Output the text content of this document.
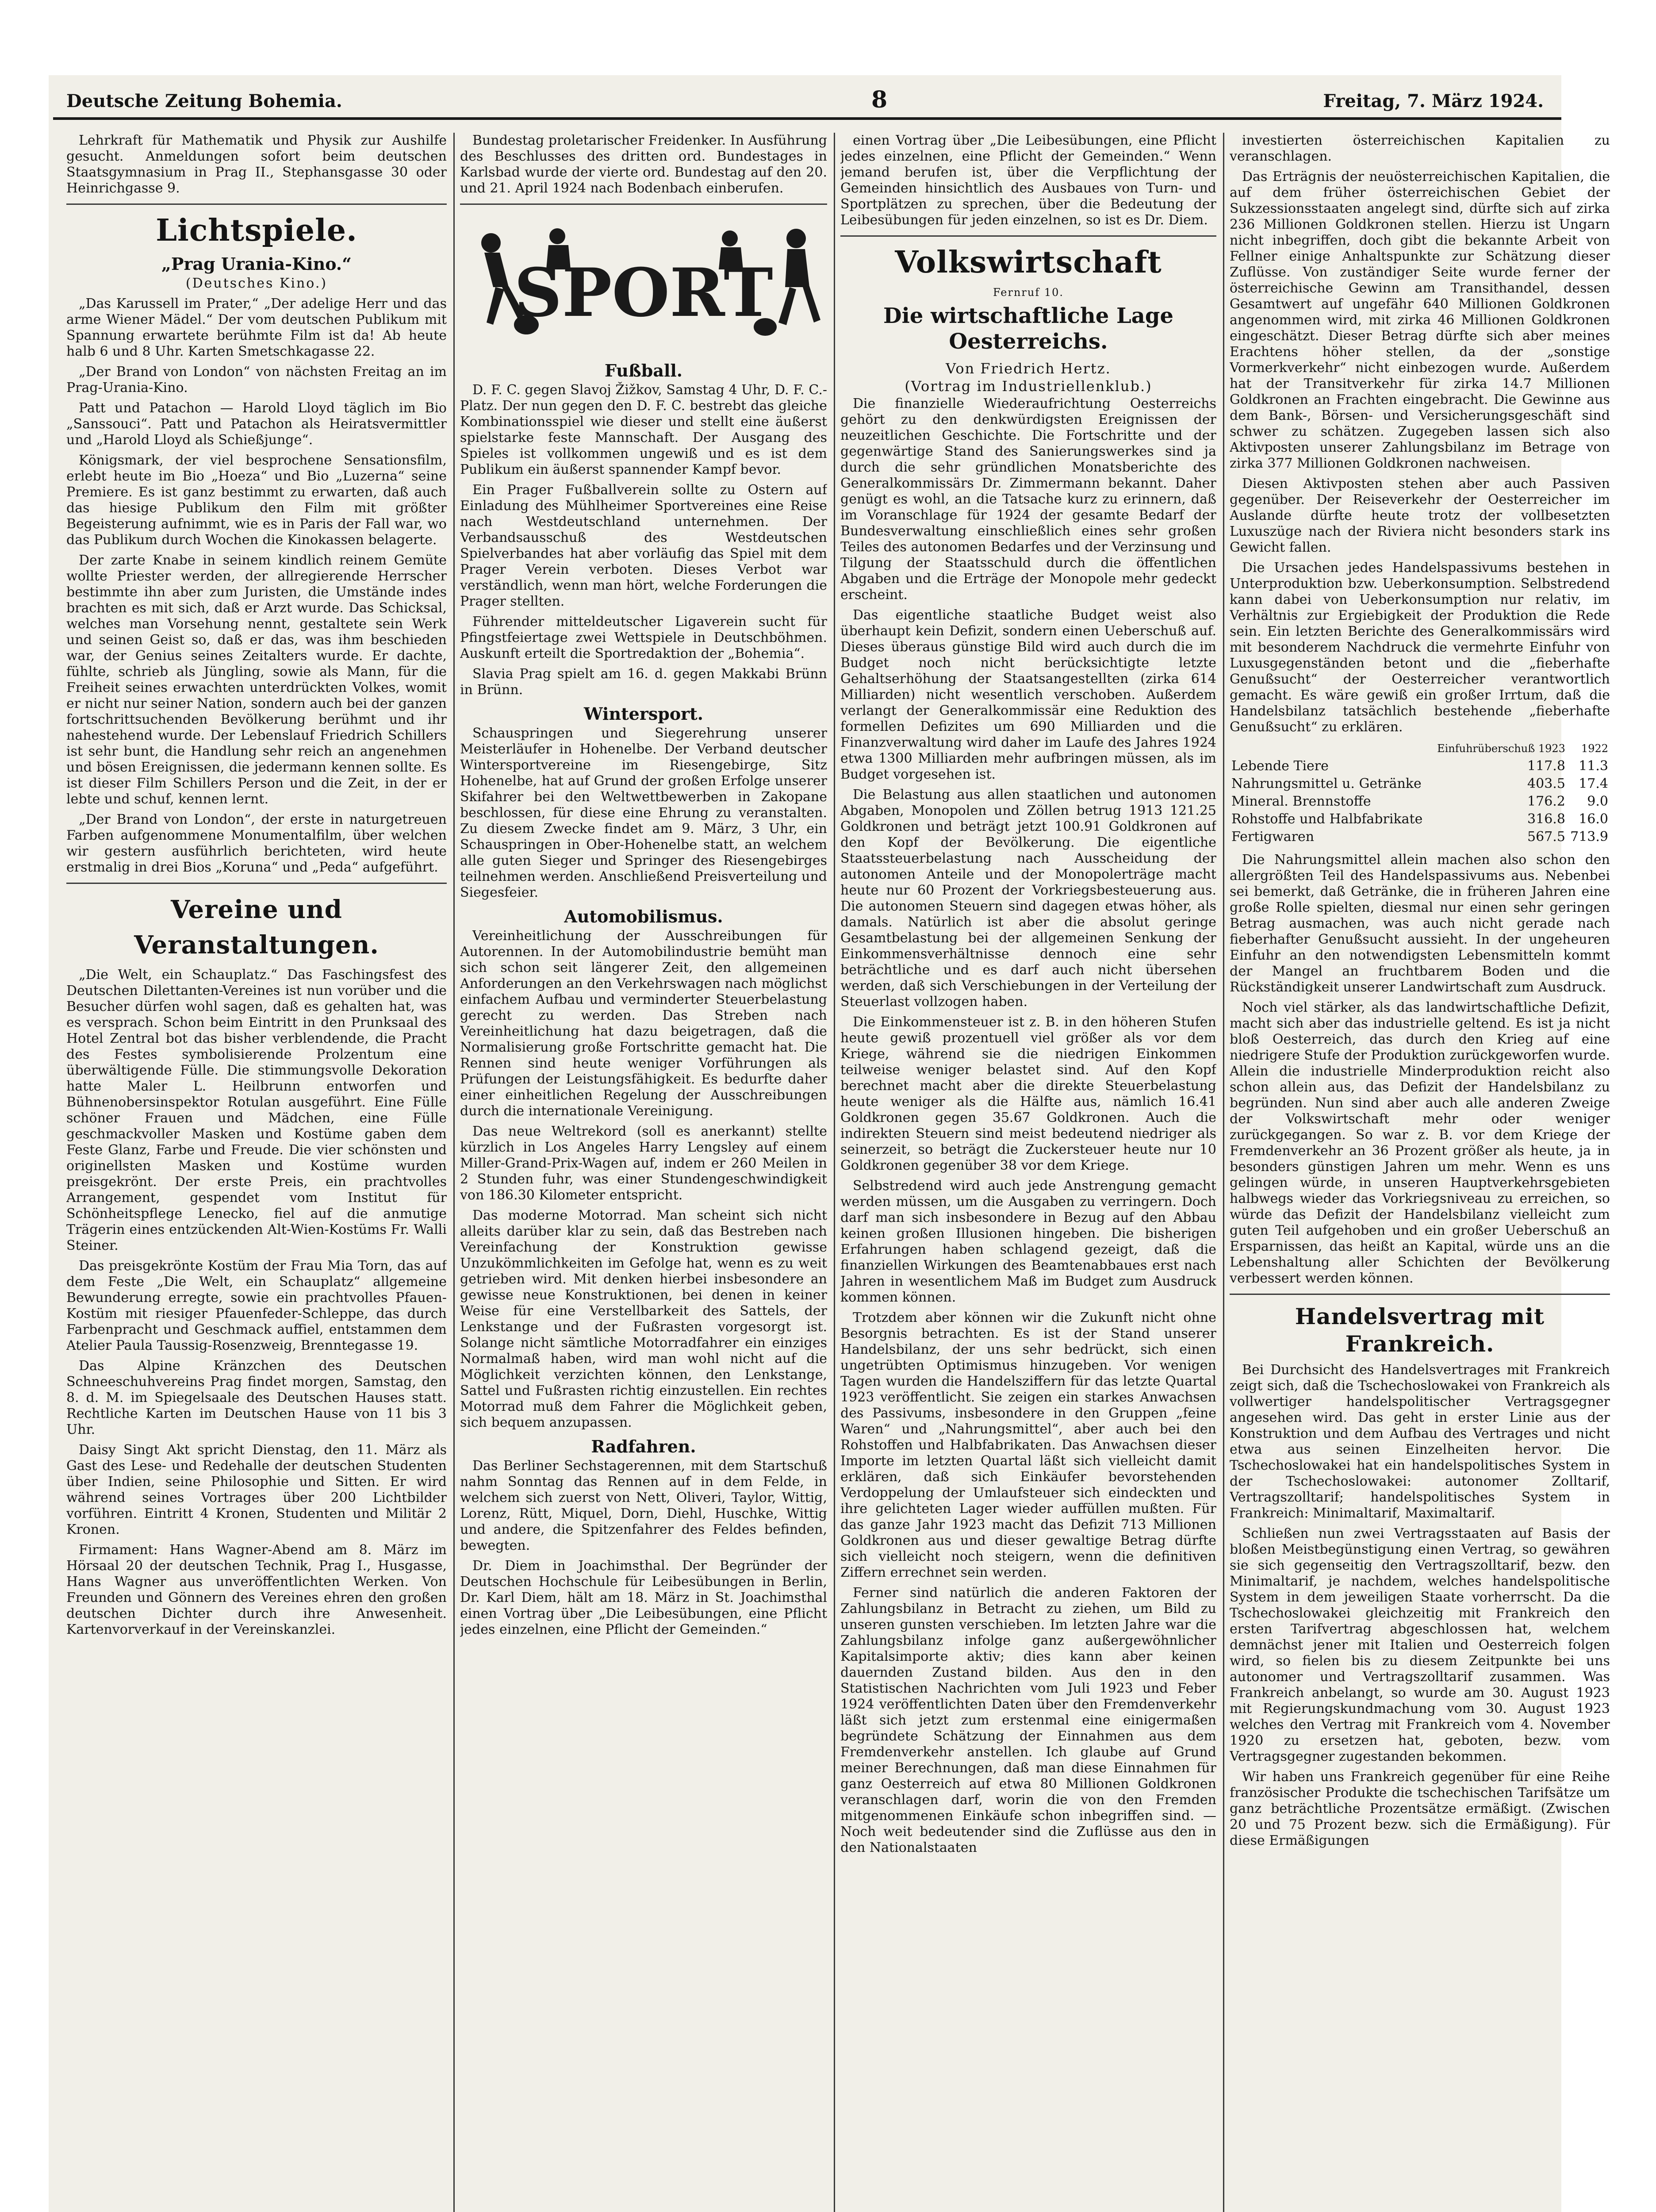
Deutsche Zeitung Bohemia.	8	Freitag, 7. März 1924.

Lehrkraft für Mathematik und Physik zur Aushilfe gesucht. Anmeldungen sofort beim deutschen Staatsgymnasium in Prag II., Stephansgasse 30 oder Heinrichgasse 9.

Lichtspiele.
„Prag Urania-Kino.“
(Deutsches Kino.)

„Das Karussell im Prater,“ „Der adelige Herr und das arme Wiener Mädel.“ Der vom deutschen Publikum mit Spannung erwartete berühmte Film ist da! Ab heute halb 6 und 8 Uhr. Karten Smetschkagasse 22.

„Der Brand von London“ von nächsten Freitag an im Prag-Urania-Kino.

Patt und Patachon — Harold Lloyd täglich im Bio „Sanssouci“. Patt und Patachon als Heiratsvermittler und „Harold Lloyd als Schießjunge“.

Königsmark, der viel besprochene Sensationsfilm, erlebt heute im Bio „Hoeza“ und Bio „Luzerna“ seine Premiere. Es ist ganz bestimmt zu erwarten, daß auch das hiesige Publikum den Film mit größter Begeisterung aufnimmt, wie es in Paris der Fall war, wo das Publikum durch Wochen die Kinokassen belagerte.

Der zarte Knabe in seinem kindlich reinem Gemüte wollte Priester werden, der allregierende Herrscher bestimmte ihn aber zum Juristen, die Umstände indes brachten es mit sich, daß er Arzt wurde. Das Schicksal, welches man Vorsehung nennt, gestaltete sein Werk und seinen Geist so, daß er das, was ihm beschieden war, der Genius seines Zeitalters wurde. Er dachte, fühlte, schrieb als Jüngling, sowie als Mann, für die Freiheit seines erwachten unterdrückten Volkes, womit er nicht nur seiner Nation, sondern auch bei der ganzen fortschrittsuchenden Bevölkerung berühmt und ihr nahestehend wurde. Der Lebenslauf Friedrich Schillers ist sehr bunt, die Handlung sehr reich an angenehmen und bösen Ereignissen, die jedermann kennen sollte. Es ist dieser Film Schillers Person und die Zeit, in der er lebte und schuf, kennen lernt.

„Der Brand von London“, der erste in naturgetreuen Farben aufgenommene Monumentalfilm, über welchen wir gestern ausführlich berichteten, wird heute erstmalig in drei Bios „Koruna“ und „Peda“ aufgeführt.

Vereine und Veranstaltungen.

„Die Welt, ein Schauplatz.“ Das Faschingsfest des Deutschen Dilettanten-Vereines ist nun vorüber und die Besucher dürfen wohl sagen, daß es gehalten hat, was es versprach. Schon beim Eintritt in den Prunksaal des Hotel Zentral bot das bisher verblendende, die Pracht des Festes symbolisierende Prolzentum eine überwältigende Fülle. Die stimmungsvolle Dekoration hatte Maler L. Heilbrunn entworfen und Bühnenobersinspektor Rotulan ausgeführt. Eine Fülle schöner Frauen und Mädchen, eine Fülle geschmackvoller Masken und Kostüme gaben dem Feste Glanz, Farbe und Freude. Die vier schönsten und originellsten Masken und Kostüme wurden preisgekrönt. Der erste Preis, ein prachtvolles Arrangement, gespendet vom Institut für Schönheitspflege Lenecko, fiel auf die anmutige Trägerin eines entzückenden Alt-Wien-Kostüms Fr. Walli Steiner.

Das preisgekrönte Kostüm der Frau Mia Torn, das auf dem Feste „Die Welt, ein Schauplatz“ allgemeine Bewunderung erregte, sowie ein prachtvolles Pfauen-Kostüm mit riesiger Pfauenfeder-Schleppe, das durch Farbenpracht und Geschmack auffiel, entstammen dem Atelier Paula Taussig-Rosenzweig, Brenntegasse 19.

Das Alpine Kränzchen des Deutschen Schneeschuhvereins Prag findet morgen, Samstag, den 8. d. M. im Spiegelsaale des Deutschen Hauses statt. Rechtliche Karten im Deutschen Hause von 11 bis 3 Uhr.

Daisy Singt Akt spricht Dienstag, den 11. März als Gast des Lese- und Redehalle der deutschen Studenten über Indien, seine Philosophie und Sitten. Er wird während seines Vortrages über 200 Lichtbilder vorführen. Eintritt 4 Kronen, Studenten und Militär 2 Kronen.

Firmament: Hans Wagner-Abend am 8. März im Hörsaal 20 der deutschen Technik, Prag I., Husgasse, Hans Wagner aus unveröffentlichten Werken. Von Freunden und Gönnern des Vereines ehren den großen deutschen Dichter durch ihre Anwesenheit. Kartenvorverkauf in der Vereinskanzlei.

Bundestag proletarischer Freidenker. In Ausführung des Beschlusses des dritten ord. Bundestages in Karlsbad wurde der vierte ord. Bundestag auf den 20. und 21. April 1924 nach Bodenbach einberufen.

SPORT
Fußball.

D. F. C. gegen Slavoj Žižkov, Samstag 4 Uhr, D. F. C.-Platz. Der nun gegen den D. F. C. bestrebt das gleiche Kombinationsspiel wie dieser und stellt eine äußerst spielstarke feste Mannschaft. Der Ausgang des Spieles ist vollkommen ungewiß und es ist dem Publikum ein äußerst spannender Kampf bevor.

Ein Prager Fußballverein sollte zu Ostern auf Einladung des Mühlheimer Sportvereines eine Reise nach Westdeutschland unternehmen. Der Verbandsausschuß des Westdeutschen Spielverbandes hat aber vorläufig das Spiel mit dem Prager Verein verboten. Dieses Verbot war verständlich, wenn man hört, welche Forderungen die Prager stellten.

Führender mitteldeutscher Ligaverein sucht für Pfingstfeiertage zwei Wettspiele in Deutschböhmen. Auskunft erteilt die Sportredaktion der „Bohemia“.

Slavia Prag spielt am 16. d. gegen Makkabi Brünn in Brünn.

Wintersport.

Schauspringen und Siegerehrung unserer Meisterläufer in Hohenelbe. Der Verband deutscher Wintersportvereine im Riesengebirge, Sitz Hohenelbe, hat auf Grund der großen Erfolge unserer Skifahrer bei den Weltwettbewerben in Zakopane beschlossen, für diese eine Ehrung zu veranstalten. Zu diesem Zwecke findet am 9. März, 3 Uhr, ein Schauspringen in Ober-Hohenelbe statt, an welchem alle guten Sieger und Springer des Riesengebirges teilnehmen werden. Anschließend Preisverteilung und Siegesfeier.

Automobilismus.

Vereinheitlichung der Ausschreibungen für Autorennen. In der Automobilindustrie bemüht man sich schon seit längerer Zeit, den allgemeinen Anforderungen an den Verkehrswagen nach möglichst einfachem Aufbau und verminderter Steuerbelastung gerecht zu werden. Das Streben nach Vereinheitlichung hat dazu beigetragen, daß die Normalisierung große Fortschritte gemacht hat. Die Rennen sind heute weniger Vorführungen als Prüfungen der Leistungsfähigkeit. Es bedurfte daher einer einheitlichen Regelung der Ausschreibungen durch die internationale Vereinigung.

Das neue Weltrekord (soll es anerkannt) stellte kürzlich in Los Angeles Harry Lengsley auf einem Miller-Grand-Prix-Wagen auf, indem er 260 Meilen in 2 Stunden fuhr, was einer Stundengeschwindigkeit von 186.30 Kilometer entspricht.

Das moderne Motorrad. Man scheint sich nicht alleits darüber klar zu sein, daß das Bestreben nach Vereinfachung der Konstruktion gewisse Unzukömmlichkeiten im Gefolge hat, wenn es zu weit getrieben wird. Mit denken hierbei insbesondere an gewisse neue Konstruktionen, bei denen in keiner Weise für eine Verstellbarkeit des Sattels, der Lenkstange und der Fußrasten vorgesorgt ist. Solange nicht sämtliche Motorradfahrer ein einziges Normalmaß haben, wird man wohl nicht auf die Möglichkeit verzichten können, den Lenkstange, Sattel und Fußrasten richtig einzustellen. Ein rechtes Motorrad muß dem Fahrer die Möglichkeit geben, sich bequem anzupassen.

Radfahren.

Das Berliner Sechstagerennen, mit dem Startschuß nahm Sonntag das Rennen auf in dem Felde, in welchem sich zuerst von Nett, Oliveri, Taylor, Wittig, Lorenz, Rütt, Miquel, Dorn, Diehl, Huschke, Wittig und andere, die Spitzenfahrer des Feldes befinden, bewegten.

Dr. Diem in Joachimsthal. Der Begründer der Deutschen Hochschule für Leibesübungen in Berlin, Dr. Karl Diem, hält am 18. März in St. Joachimsthal einen Vortrag über „Die Leibesübungen, eine Pflicht jedes einzelnen, eine Pflicht der Gemeinden.“

einen Vortrag über „Die Leibesübungen, eine Pflicht jedes einzelnen, eine Pflicht der Gemeinden.“ Wenn jemand berufen ist, über die Verpflichtung der Gemeinden hinsichtlich des Ausbaues von Turn- und Sportplätzen zu sprechen, über die Bedeutung der Leibesübungen für jeden einzelnen, so ist es Dr. Diem.

Volkswirtschaft
Fernruf 10.
Die wirtschaftliche Lage Oesterreichs.
Von Friedrich Hertz.
(Vortrag im Industriellenklub.)

Die finanzielle Wiederaufrichtung Oesterreichs gehört zu den denkwürdigsten Ereignissen der neuzeitlichen Geschichte. Die Fortschritte und der gegenwärtige Stand des Sanierungswerkes sind ja durch die sehr gründlichen Monatsberichte des Generalkommissärs Dr. Zimmermann bekannt. Daher genügt es wohl, an die Tatsache kurz zu erinnern, daß im Voranschlage für 1924 der gesamte Bedarf der Bundesverwaltung einschließlich eines sehr großen Teiles des autonomen Bedarfes und der Verzinsung und Tilgung der Staatsschuld durch die öffentlichen Abgaben und die Erträge der Monopole mehr gedeckt erscheint.

Das eigentliche staatliche Budget weist also überhaupt kein Defizit, sondern einen Ueberschuß auf. Dieses überaus günstige Bild wird auch durch die im Budget noch nicht berücksichtigte letzte Gehaltserhöhung der Staatsangestellten (zirka 614 Milliarden) nicht wesentlich verschoben. Außerdem verlangt der Generalkommissär eine Reduktion des formellen Defizites um 690 Milliarden und die Finanzverwaltung wird daher im Laufe des Jahres 1924 etwa 1300 Milliarden mehr aufbringen müssen, als im Budget vorgesehen ist.

Die Belastung aus allen staatlichen und autonomen Abgaben, Monopolen und Zöllen betrug 1913 121.25 Goldkronen und beträgt jetzt 100.91 Goldkronen auf den Kopf der Bevölkerung. Die eigentliche Staatssteuerbelastung nach Ausscheidung der autonomen Anteile und der Monopolerträge macht heute nur 60 Prozent der Vorkriegsbesteuerung aus. Die autonomen Steuern sind dagegen etwas höher, als damals. Natürlich ist aber die absolut geringe Gesamtbelastung bei der allgemeinen Senkung der Einkommensverhältnisse dennoch eine sehr beträchtliche und es darf auch nicht übersehen werden, daß sich Verschiebungen in der Verteilung der Steuerlast vollzogen haben.

Die Einkommensteuer ist z. B. in den höheren Stufen heute gewiß prozentuell viel größer als vor dem Kriege, während sie die niedrigen Einkommen teilweise weniger belastet sind. Auf den Kopf berechnet macht aber die direkte Steuerbelastung heute weniger als die Hälfte aus, nämlich 16.41 Goldkronen gegen 35.67 Goldkronen. Auch die indirekten Steuern sind meist bedeutend niedriger als seinerzeit, so beträgt die Zuckersteuer heute nur 10 Goldkronen gegenüber 38 vor dem Kriege.

Selbstredend wird auch jede Anstrengung gemacht werden müssen, um die Ausgaben zu verringern. Doch darf man sich insbesondere in Bezug auf den Abbau keinen großen Illusionen hingeben. Die bisherigen Erfahrungen haben schlagend gezeigt, daß die finanziellen Wirkungen des Beamtenabbaues erst nach Jahren in wesentlichem Maß im Budget zum Ausdruck kommen können.

Trotzdem aber können wir die Zukunft nicht ohne Besorgnis betrachten. Es ist der Stand unserer Handelsbilanz, der uns sehr bedrückt, sich einen ungetrübten Optimismus hinzugeben. Vor wenigen Tagen wurden die Handelsziffern für das letzte Quartal 1923 veröffentlicht. Sie zeigen ein starkes Anwachsen des Passivums, insbesondere in den Gruppen „feine Waren“ und „Nahrungsmittel“, aber auch bei den Rohstoffen und Halbfabrikaten. Das Anwachsen dieser Importe im letzten Quartal läßt sich vielleicht damit erklären, daß sich Einkäufer bevorstehenden Verdoppelung der Umlaufsteuer sich eindeckten und ihre gelichteten Lager wieder auffüllen mußten. Für das ganze Jahr 1923 macht das Defizit 713 Millionen Goldkronen aus und dieser gewaltige Betrag dürfte sich vielleicht noch steigern, wenn die definitiven Ziffern errechnet sein werden.

Ferner sind natürlich die anderen Faktoren der Zahlungsbilanz in Betracht zu ziehen, um Bild zu unseren gunsten verschieben. Im letzten Jahre war die Zahlungsbilanz infolge ganz außergewöhnlicher Kapitalsimporte aktiv; dies kann aber keinen dauernden Zustand bilden. Aus den in den Statistischen Nachrichten vom Juli 1923 und Feber 1924 veröffentlichten Daten über den Fremdenverkehr läßt sich jetzt zum erstenmal eine einigermaßen begründete Schätzung der Einnahmen aus dem Fremdenverkehr anstellen. Ich glaube auf Grund meiner Berechnungen, daß man diese Einnahmen für ganz Oesterreich auf etwa 80 Millionen Goldkronen veranschlagen darf, worin die von den Fremden mitgenommenen Einkäufe schon inbegriffen sind. — Noch weit bedeutender sind die Zuflüsse aus den in den Nationalstaaten

investierten österreichischen Kapitalien zu veranschlagen.

Das Erträgnis der neuösterreichischen Kapitalien, die auf dem früher österreichischen Gebiet der Sukzessionsstaaten angelegt sind, dürfte sich auf zirka 236 Millionen Goldkronen stellen. Hierzu ist Ungarn nicht inbegriffen, doch gibt die bekannte Arbeit von Fellner einige Anhaltspunkte zur Schätzung dieser Zuflüsse. Von zuständiger Seite wurde ferner der österreichische Gewinn am Transithandel, dessen Gesamtwert auf ungefähr 640 Millionen Goldkronen angenommen wird, mit zirka 46 Millionen Goldkronen eingeschätzt. Dieser Betrag dürfte sich aber meines Erachtens höher stellen, da der „sonstige Vormerkverkehr“ nicht einbezogen wurde. Außerdem hat der Transitverkehr für zirka 14.7 Millionen Goldkronen an Frachten eingebracht. Die Gewinne aus dem Bank-, Börsen- und Versicherungsgeschäft sind schwer zu schätzen. Zugegeben lassen sich also Aktivposten unserer Zahlungsbilanz im Betrage von zirka 377 Millionen Goldkronen nachweisen.

Diesen Aktivposten stehen aber auch Passiven gegenüber. Der Reiseverkehr der Oesterreicher im Auslande dürfte heute trotz der vollbesetzten Luxuszüge nach der Riviera nicht besonders stark ins Gewicht fallen.

Die Ursachen jedes Handelspassivums bestehen in Unterproduktion bzw. Ueberkonsumption. Selbstredend kann dabei von Ueberkonsumption nur relativ, im Verhältnis zur Ergiebigkeit der Produktion die Rede sein. Ein letzten Berichte des Generalkommissärs wird mit besonderem Nachdruck die vermehrte Einfuhr von Luxusgegenständen betont und die „fieberhafte Genußsucht“ der Oesterreicher verantwortlich gemacht. Es wäre gewiß ein großer Irrtum, daß die Handelsbilanz tatsächlich bestehende „fieberhafte Genußsucht“ zu erklären.

	Einfuhrüberschuß 1923	1922
Lebende Tiere	117.8	11.3
Nahrungsmittel u. Getränke	403.5	17.4
Mineral. Brennstoffe	176.2	9.0
Rohstoffe und Halbfabrikate	316.8	16.0
Fertigwaren	567.5	713.9

Die Nahrungsmittel allein machen also schon den allergrößten Teil des Handelspassivums aus. Nebenbei sei bemerkt, daß Getränke, die in früheren Jahren eine große Rolle spielten, diesmal nur einen sehr geringen Betrag ausmachen, was auch nicht gerade nach fieberhafter Genußsucht aussieht. In der ungeheuren Einfuhr an den notwendigsten Lebensmitteln kommt der Mangel an fruchtbarem Boden und die Rückständigkeit unserer Landwirtschaft zum Ausdruck.

Noch viel stärker, als das landwirtschaftliche Defizit, macht sich aber das industrielle geltend. Es ist ja nicht bloß Oesterreich, das durch den Krieg auf eine niedrigere Stufe der Produktion zurückgeworfen wurde. Allein die industrielle Minderproduktion reicht also schon allein aus, das Defizit der Handelsbilanz zu begründen. Nun sind aber auch alle anderen Zweige der Volkswirtschaft mehr oder weniger zurückgegangen. So war z. B. vor dem Kriege der Fremdenverkehr an 36 Prozent größer als heute, ja in besonders günstigen Jahren um mehr. Wenn es uns gelingen würde, in unseren Hauptverkehrsgebieten halbwegs wieder das Vorkriegsniveau zu erreichen, so würde das Defizit der Handelsbilanz vielleicht zum guten Teil aufgehoben und ein großer Ueberschuß an Ersparnissen, das heißt an Kapital, würde uns an die Lebenshaltung aller Schichten der Bevölkerung verbessert werden können.

Handelsvertrag mit Frankreich.

Bei Durchsicht des Handelsvertrages mit Frankreich zeigt sich, daß die Tschechoslowakei von Frankreich als vollwertiger handelspolitischer Vertragsgegner angesehen wird. Das geht in erster Linie aus der Konstruktion und dem Aufbau des Vertrages und nicht etwa aus seinen Einzelheiten hervor. Die Tschechoslowakei hat ein handelspolitisches System in der Tschechoslowakei: autonomer Zolltarif, Vertragszolltarif; handelspolitisches System in Frankreich: Minimaltarif, Maximaltarif.

Schließen nun zwei Vertragsstaaten auf Basis der bloßen Meistbegünstigung einen Vertrag, so gewähren sie sich gegenseitig den Vertragszolltarif, bezw. den Minimaltarif, je nachdem, welches handelspolitische System in dem jeweiligen Staate vorherrscht. Da die Tschechoslowakei gleichzeitig mit Frankreich den ersten Tarifvertrag abgeschlossen hat, welchem demnächst jener mit Italien und Oesterreich folgen wird, so fielen bis zu diesem Zeitpunkte bei uns autonomer und Vertragszolltarif zusammen. Was Frankreich anbelangt, so wurde am 30. August 1923 mit Regierungskundmachung vom 30. August 1923 welches den Vertrag mit Frankreich vom 4. November 1920 zu ersetzen hat, geboten, bezw. vom Vertragsgegner zugestanden bekommen.

Wir haben uns Frankreich gegenüber für eine Reihe französischer Produkte die tschechischen Tarifsätze um ganz beträchtliche Prozentsätze ermäßigt. (Zwischen 20 und 75 Prozent bezw. sich die Ermäßigung). Für diese Ermäßigungen
